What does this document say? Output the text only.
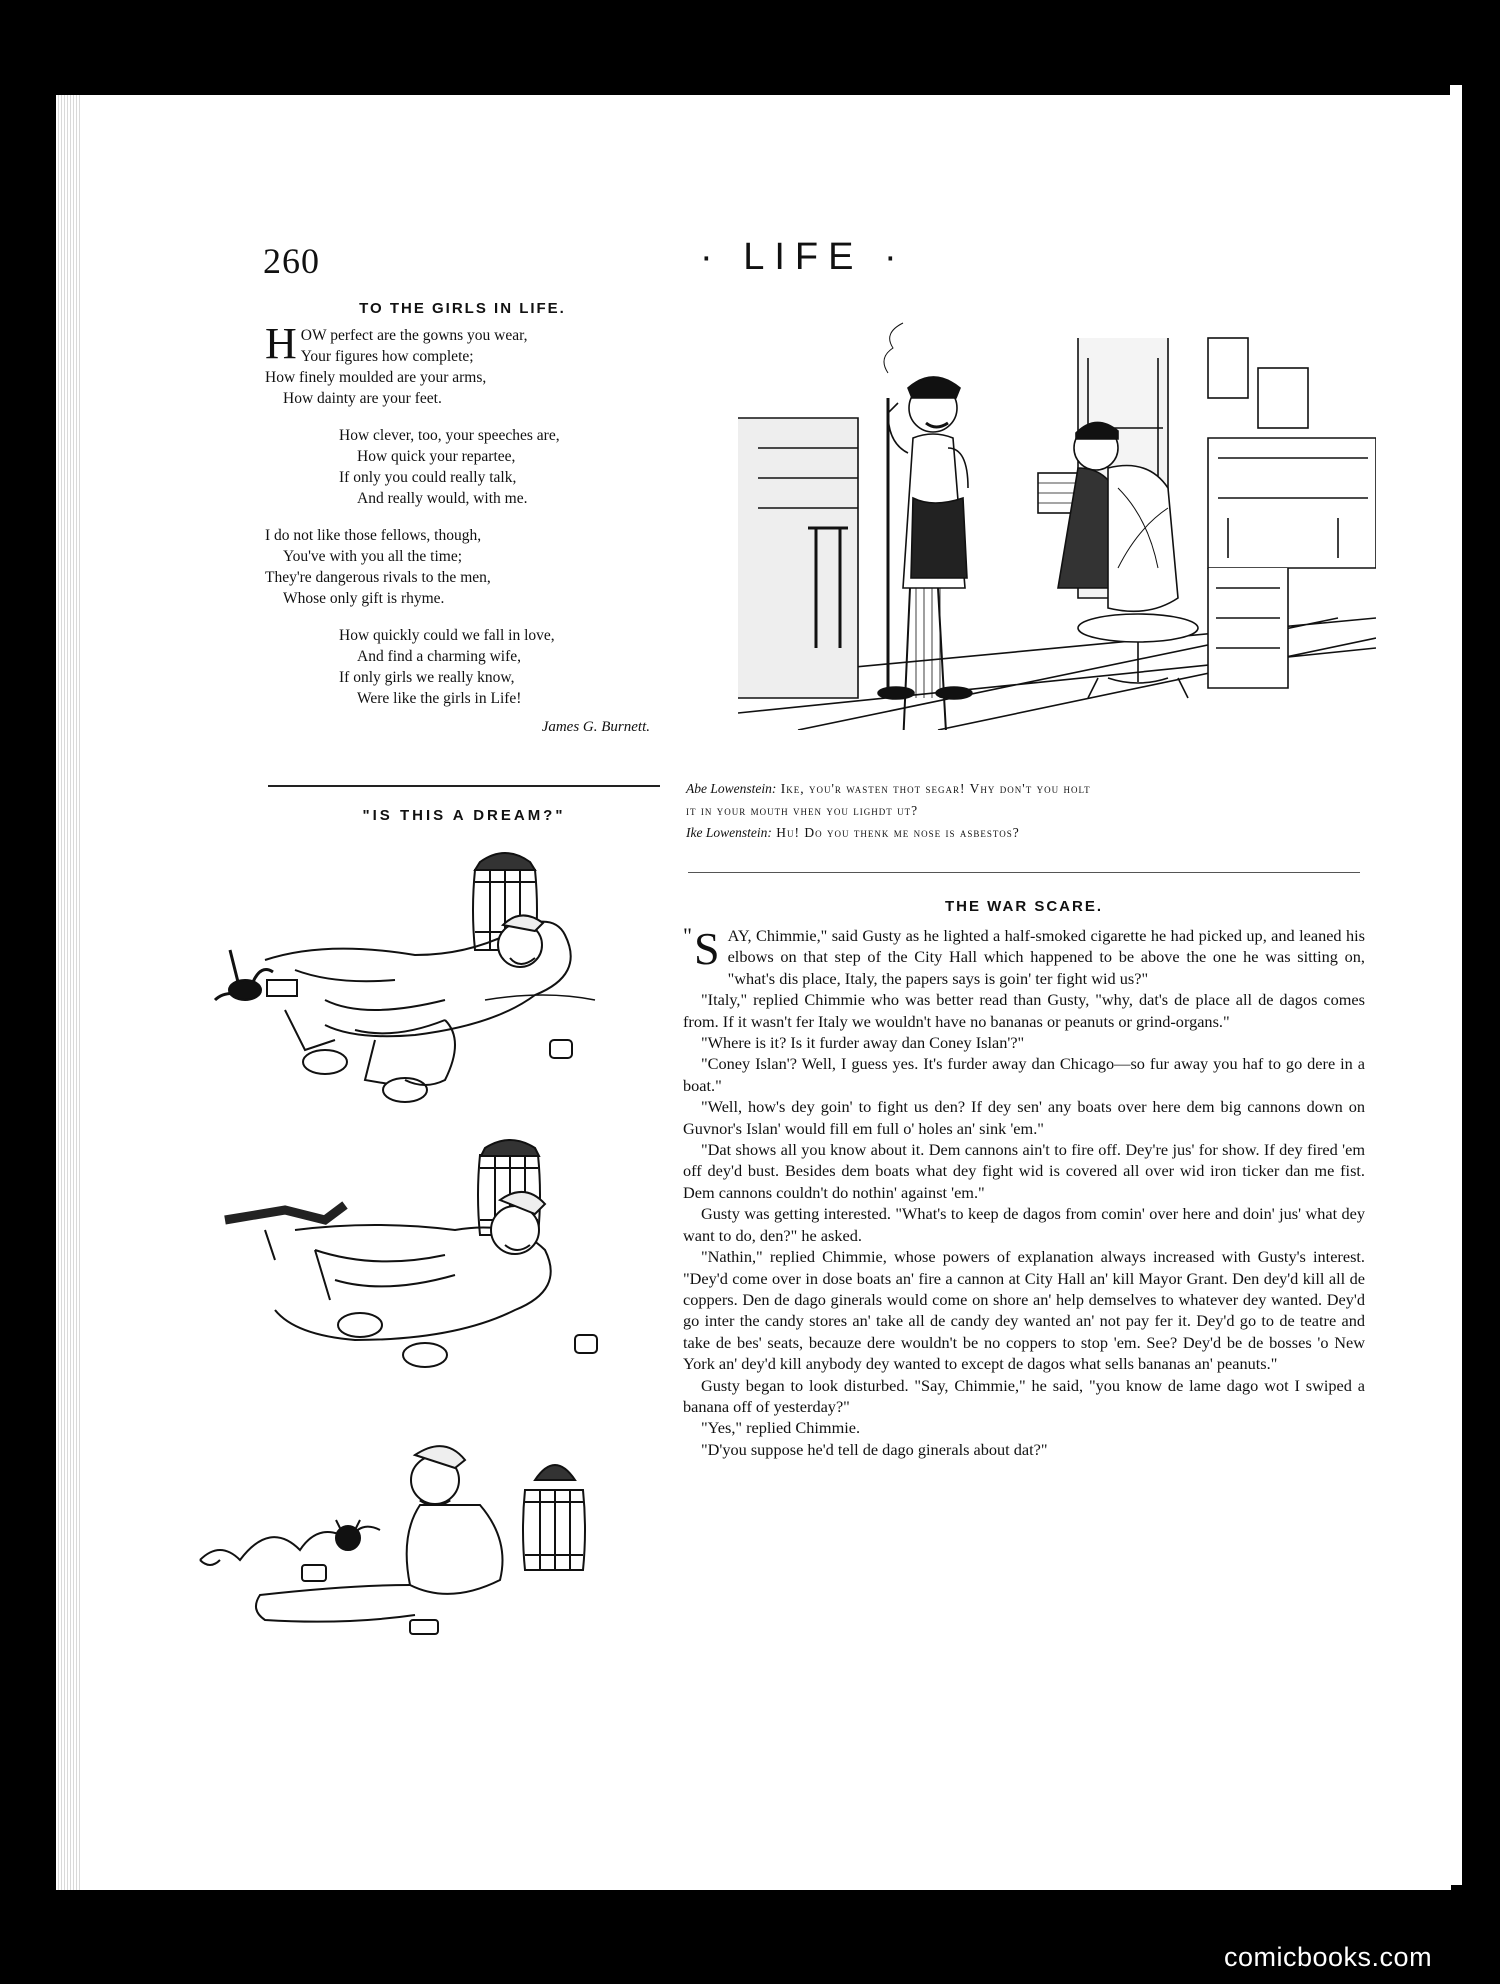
260	· LIFE ·
TO THE GIRLS IN LIFE.
H OW perfect are the gowns you wear,
Your figures how complete;
How finely moulded are your arms,
How dainty are your feet.
How clever, too, your speeches are,
How quick your repartee,
If only you could really talk,
And really would, with me.
I do not like those fellows, though,
You've with you all the time;
They're dangerous rivals to the men,
Whose only gift is rhyme.
How quickly could we fall in love,
And find a charming wife,
If only girls we really know,
Were like the girls in Life!
James G. Burnett.
"IS THIS A DREAM?"
Abe Lowenstein: Ike, you'r wasten thot segar! Vhy don't you holt
it in your mouth vhen you lighdt ut?
Ike Lowenstein: Hu! Do you thenk me nose is asbestos?
THE WAR SCARE.

" S AY, Chimmie," said Gusty as he lighted a half-smoked cigarette he had picked up, and leaned his elbows on that step of the City Hall which happened to be above the one he was sitting on, "what's dis place, Italy, the papers says is goin' ter fight wid us?"

"Italy," replied Chimmie who was better read than Gusty, "why, dat's de place all de dagos comes from. If it wasn't fer Italy we wouldn't have no bananas or peanuts or grind-organs."

"Where is it? Is it furder away dan Coney Islan'?"

"Coney Islan'? Well, I guess yes. It's furder away dan Chicago—so fur away you haf to go dere in a boat."

"Well, how's dey goin' to fight us den? If dey sen' any boats over here dem big cannons down on Guvnor's Islan' would fill em full o' holes an' sink 'em."

"Dat shows all you know about it. Dem cannons ain't to fire off. Dey're jus' for show. If dey fired 'em off dey'd bust. Besides dem boats what dey fight wid is covered all over wid iron ticker dan me fist. Dem cannons couldn't do nothin' against 'em."

Gusty was getting interested. "What's to keep de dagos from comin' over here and doin' jus' what dey want to do, den?" he asked.

"Nathin," replied Chimmie, whose powers of explanation always increased with Gusty's interest. "Dey'd come over in dose boats an' fire a cannon at City Hall an' kill Mayor Grant. Den dey'd kill all de coppers. Den de dago ginerals would come on shore an' help demselves to whatever dey wanted. Dey'd go inter the candy stores an' take all de candy dey wanted an' not pay fer it. Dey'd go to de teatre and take de bes' seats, becauze dere wouldn't be no coppers to stop 'em. See? Dey'd be de bosses 'o New York an' dey'd kill anybody dey wanted to except de dagos what sells bananas an' peanuts."

Gusty began to look disturbed. "Say, Chimmie," he said, "you know de lame dago wot I swiped a banana off of yesterday?"

"Yes," replied Chimmie.

"D'you suppose he'd tell de dago ginerals about dat?"

comicbooks.com
